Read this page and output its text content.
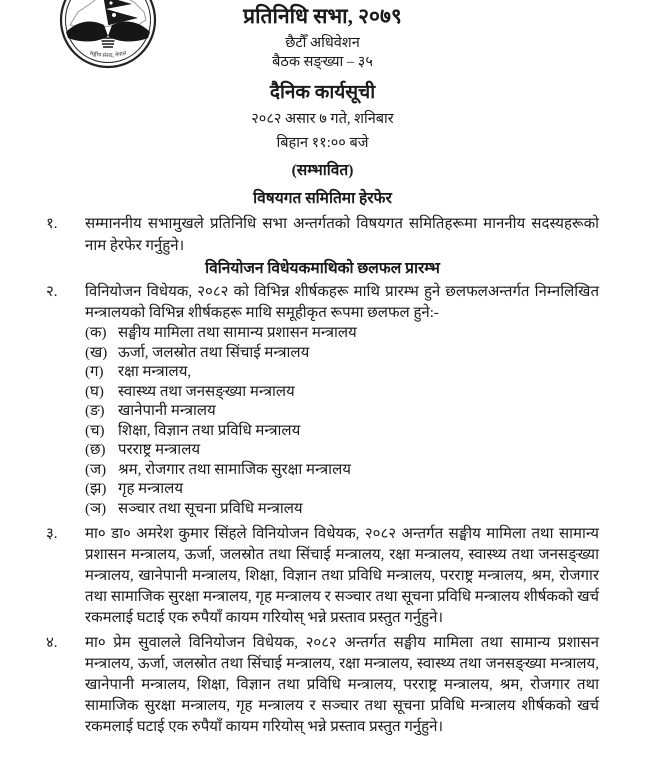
सङ्घीय संसद, नेपाल
प्रतिनिधि सभा, २०७९
छैटौँ अधिवेशन
बैठक सङ्ख्या – ३५
दैनिक कार्यसूची
२०८२ असार ७ गते, शनिबार
बिहान ११:०० बजे
(सम्भावित)
विषयगत समितिमा हेरफेर
१.	सम्माननीय सभामुखले प्रतिनिधि सभा अन्तर्गतको विषयगत समितिहरूमा माननीय सदस्यहरूको नाम हेरफेर गर्नुहुने।

विनियोजन विधेयकमाथिको छलफल प्रारम्भ
२.	विनियोजन विधेयक, २०८२ को विभिन्न शीर्षकहरू माथि प्रारम्भ हुने छलफलअन्तर्गत निम्नलिखित मन्त्रालयको विभिन्न शीर्षकहरू माथि समूहीकृत रूपमा छलफल हुने:-

(क) सङ्घीय मामिला तथा सामान्य प्रशासन मन्त्रालय
(ख) ऊर्जा, जलस्रोत तथा सिंचाई मन्त्रालय
(ग) रक्षा मन्त्रालय,
(घ) स्वास्थ्य तथा जनसङ्ख्या मन्त्रालय
(ङ) खानेपानी मन्त्रालय
(च) शिक्षा, विज्ञान तथा प्रविधि मन्त्रालय
(छ) परराष्ट्र मन्त्रालय
(ज) श्रम, रोजगार तथा सामाजिक सुरक्षा मन्त्रालय
(झ) गृह मन्त्रालय
(ञ) सञ्चार तथा सूचना प्रविधि मन्त्रालय
३.	मा० डा० अमरेश कुमार सिंहले विनियोजन विधेयक, २०८२ अन्तर्गत सङ्घीय मामिला तथा सामान्य प्रशासन मन्त्रालय, ऊर्जा, जलस्रोत तथा सिंचाई मन्त्रालय, रक्षा मन्त्रालय, स्वास्थ्य तथा जनसङ्ख्या मन्त्रालय, खानेपानी मन्त्रालय, शिक्षा, विज्ञान तथा प्रविधि मन्त्रालय, परराष्ट्र मन्त्रालय, श्रम, रोजगार तथा सामाजिक सुरक्षा मन्त्रालय, गृह मन्त्रालय र सञ्चार तथा सूचना प्रविधि मन्त्रालय शीर्षकको खर्च रकमलाई घटाई एक रुपैयाँ कायम गरियोस् भन्ने प्रस्ताव प्रस्तुत गर्नुहुने।

४.	मा० प्रेम सुवालले विनियोजन विधेयक, २०८२ अन्तर्गत सङ्घीय मामिला तथा सामान्य प्रशासन मन्त्रालय, ऊर्जा, जलस्रोत तथा सिंचाई मन्त्रालय, रक्षा मन्त्रालय, स्वास्थ्य तथा जनसङ्ख्या मन्त्रालय, खानेपानी मन्त्रालय, शिक्षा, विज्ञान तथा प्रविधि मन्त्रालय, परराष्ट्र मन्त्रालय, श्रम, रोजगार तथा सामाजिक सुरक्षा मन्त्रालय, गृह मन्त्रालय र सञ्चार तथा सूचना प्रविधि मन्त्रालय शीर्षकको खर्च रकमलाई घटाई एक रुपैयाँ कायम गरियोस् भन्ने प्रस्ताव प्रस्तुत गर्नुहुने।
